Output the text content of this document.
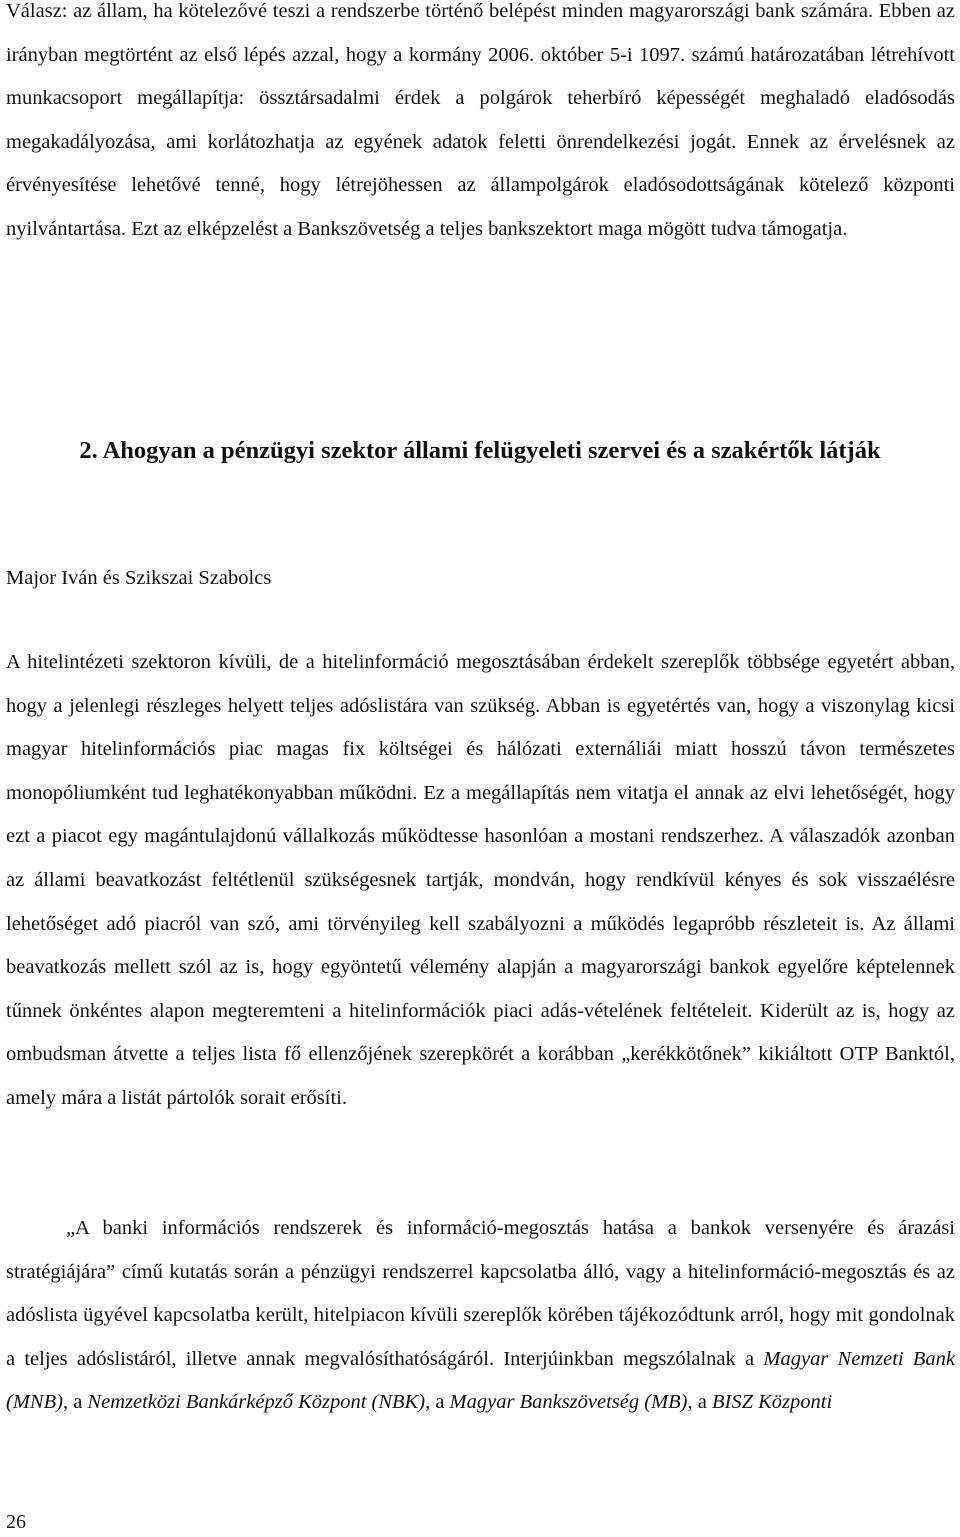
Válasz: az állam, ha kötelezővé teszi a rendszerbe történő belépést minden magyarországi bank számára. Ebben az irányban megtörtént az első lépés azzal, hogy a kormány 2006. október 5-i 1097. számú határozatában létrehívott munkacsoport megállapítja: össztársadalmi érdek a polgárok teherbíró képességét meghaladó eladósodás megakadályozása, ami korlátozhatja az egyének adatok feletti önrendelkezési jogát. Ennek az érvelésnek az érvényesítése lehetővé tenné, hogy létrejöhessen az állampolgárok eladósodottságának kötelező központi nyilvántartása. Ezt az elképzelést a Bankszövetség a teljes bankszektort maga mögött tudva támogatja.

2. Ahogyan a pénzügyi szektor állami felügyeleti szervei és a szakértők látják

Major Iván és Szikszai Szabolcs

A hitelintézeti szektoron kívüli, de a hitelinformáció megosztásában érdekelt szereplők többsége egyetért abban, hogy a jelenlegi részleges helyett teljes adóslistára van szükség. Abban is egyetértés van, hogy a viszonylag kicsi magyar hitelinformációs piac magas fix költségei és hálózati externáliái miatt hosszú távon természetes monopóliumként tud leghatékonyabban működni. Ez a megállapítás nem vitatja el annak az elvi lehetőségét, hogy ezt a piacot egy magántulajdonú vállalkozás működtesse hasonlóan a mostani rendszerhez. A válaszadók azonban az állami beavatkozást feltétlenül szükségesnek tartják, mondván, hogy rendkívül kényes és sok visszaélésre lehetőséget adó piacról van szó, ami törvényileg kell szabályozni a működés legapróbb részleteit is. Az állami beavatkozás mellett szól az is, hogy egyöntetű vélemény alapján a magyarországi bankok egyelőre képtelennek tűnnek önkéntes alapon megteremteni a hitelinformációk piaci adás-vételének feltételeit. Kiderült az is, hogy az ombudsman átvette a teljes lista fő ellenzőjének szerepkörét a korábban „kerékkötőnek” kikiáltott OTP Banktól, amely mára a listát pártolók sorait erősíti.

„A banki információs rendszerek és információ-megosztás hatása a bankok versenyére és árazási stratégiájára” című kutatás során a pénzügyi rendszerrel kapcsolatba álló, vagy a hitelinformáció-megosztás és az adóslista ügyével kapcsolatba került, hitelpiacon kívüli szereplők körében tájékozódtunk arról, hogy mit gondolnak a teljes adóslistáról, illetve annak megvalósíthatóságáról. Interjúinkban megszólalnak a Magyar Nemzeti Bank (MNB), a Nemzetközi Bankárképző Központ (NBK), a Magyar Bankszövetség (MB), a BISZ Központi

26
